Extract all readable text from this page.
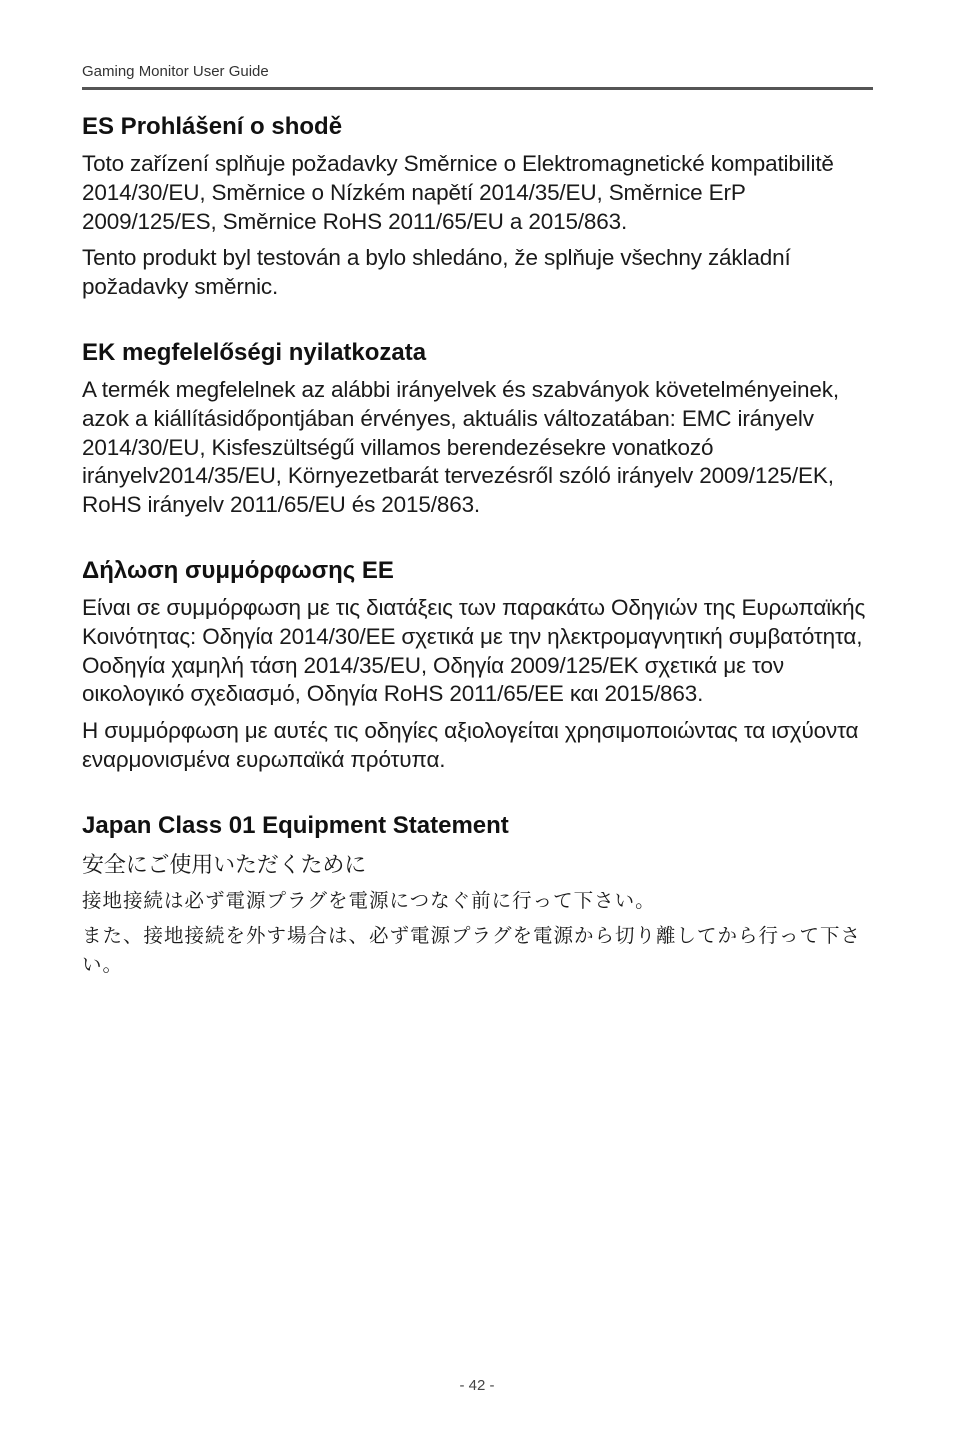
Gaming Monitor User Guide
ES Prohlášení o shodě

Toto zařízení splňuje požadavky Směrnice o Elektromagnetické kompatibilitě 2014/30/EU, Směrnice o Nízkém napětí 2014/35/EU, Směrnice ErP 2009/125/ES, Směrnice RoHS 2011/65/EU a 2015/863.

Tento produkt byl testován a bylo shledáno, že splňuje všechny základní požadavky směrnic.

EK megfelelőségi nyilatkozata

A termék megfelelnek az alábbi irányelvek és szabványok követelményeinek, azok a kiállításidőpontjában érvényes, aktuális változatában: EMC irányelv 2014/30/EU, Kisfeszültségű villamos berendezésekre vonatkozó irányelv2014/35/EU, Környezetbarát tervezésről szóló irányelv 2009/125/EK, RoHS irányelv 2011/65/EU és 2015/863.

Δήλωση συμμόρφωσης ΕΕ

Είναι σε συμμόρφωση με τις διατάξεις των παρακάτω Οδηγιών της Ευρωπαϊκής Κοινότητας: Οδηγία 2014/30/ΕΕ σχετικά με την ηλεκτρομαγνητική συμβατότητα, Οοδηγία χαμηλή τάση 2014/35/EU, Οδηγία 2009/125/ΕΚ σχετικά με τον οικολογικό σχεδιασμό, Οδηγία RoHS 2011/65/ΕΕ και 2015/863.

Η συμμόρφωση με αυτές τις οδηγίες αξιολογείται χρησιμοποιώντας τα ισχύοντα εναρμονισμένα ευρωπαϊκά πρότυπα.

Japan Class 01 Equipment Statement

安全にご使用いただくために

接地接続は必ず電源プラグを電源につなぐ前に行って下さい。

また、接地接続を外す場合は、必ず電源プラグを電源から切り離してから行って下さい。

- 42 -
